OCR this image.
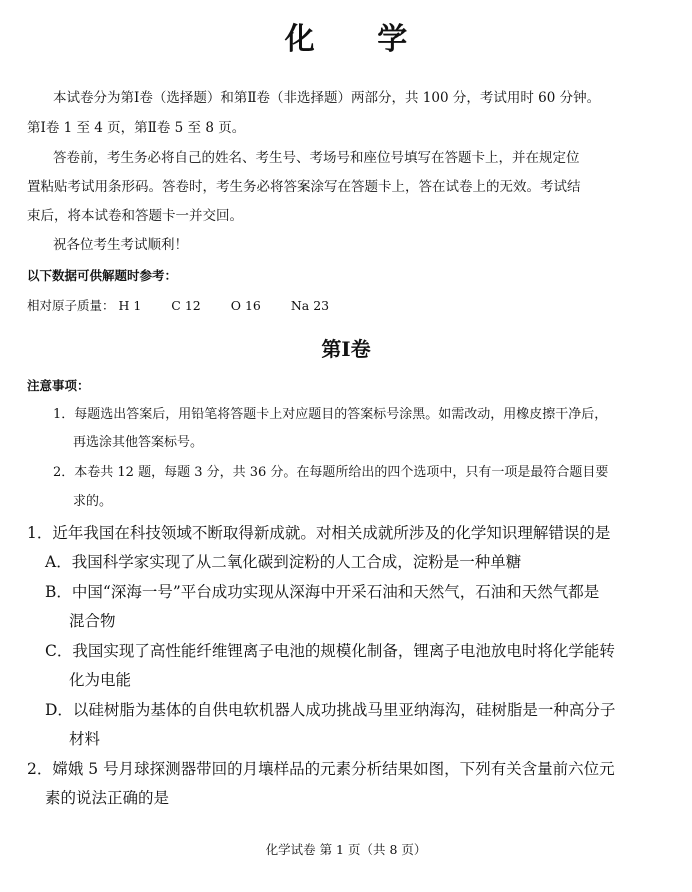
化 学
本试卷分为第Ⅰ卷（选择题）和第Ⅱ卷（非选择题）两部分，共 100 分，考试用时 60 分钟。
第Ⅰ卷 1 至 4 页，第Ⅱ卷 5 至 8 页。
答卷前，考生务必将自己的姓名、考生号、考场号和座位号填写在答题卡上，并在规定位
置粘贴考试用条形码。答卷时，考生务必将答案涂写在答题卡上，答在试卷上的无效。考试结
束后，将本试卷和答题卡一并交回。
祝各位考生考试顺利！
以下数据可供解题时参考：
相对原子质量： H 1 C 12 O 16 Na 23
第Ⅰ卷
注意事项：
1．每题选出答案后，用铅笔将答题卡上对应题目的答案标号涂黑。如需改动，用橡皮擦干净后，
再选涂其他答案标号。
2．本卷共 12 题，每题 3 分，共 36 分。在每题所给出的四个选项中，只有一项是最符合题目要
求的。
1．近年我国在科技领域不断取得新成就。对相关成就所涉及的化学知识理解错误的是
A．我国科学家实现了从二氧化碳到淀粉的人工合成，淀粉是一种单糖
B．中国“深海一号”平台成功实现从深海中开采石油和天然气，石油和天然气都是
混合物
C．我国实现了高性能纤维锂离子电池的规模化制备，锂离子电池放电时将化学能转
化为电能
D．以硅树脂为基体的自供电软机器人成功挑战马里亚纳海沟，硅树脂是一种高分子
材料
2．嫦娥 5 号月球探测器带回的月壤样品的元素分析结果如图，下列有关含量前六位元
素的说法正确的是
化学试卷 第 1 页（共 8 页）
